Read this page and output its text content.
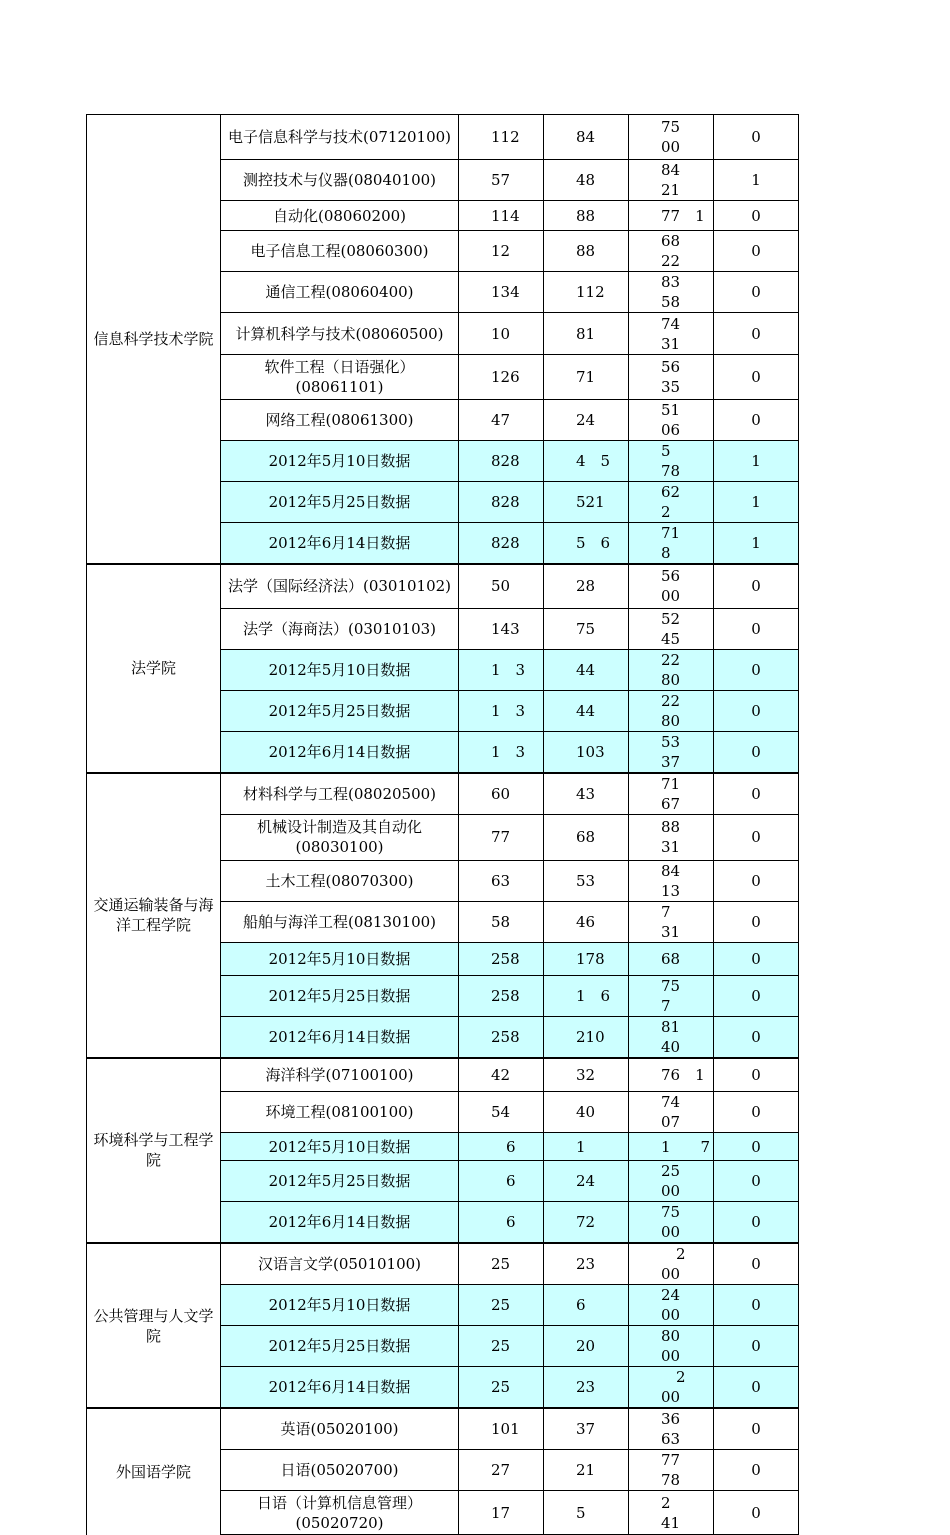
信息科学技术学院	电子信息科学与技术(07120100)	112	84	75　00	0
	测控技术与仪器(08040100)	57	48	84　21	1
	自动化(08060200)	114	88	77　1	0
	电子信息工程(08060300)	12	88	68　22	0
	通信工程(08060400)	134	112	83　58	0
	计算机科学与技术(08060500)	10	81	74　31	0
	软件工程（日语强化）(08061101)	126	71	56　35	0
	网络工程(08061300)	47	24	51　06	0
	2012年5月10日数据	828	4　5	5　　78	1
	2012年5月25日数据	828	521	62　　2	1
	2012年6月14日数据	828	5　6	71　　8	1
法学院	法学（国际经济法）(03010102)	50	28	56　00	0
	法学（海商法）(03010103)	143	75	52　45	0
	2012年5月10日数据	1　3	44	22　80	0
	2012年5月25日数据	1　3	44	22　80	0
	2012年6月14日数据	1　3	103	53　37	0
交通运输装备与海洋工程学院	材料科学与工程(08020500)	60	43	71　67	0
	机械设计制造及其自动化(08030100)	77	68	88　31	0
	土木工程(08070300)	63	53	84　13	0
	船舶与海洋工程(08130100)	58	46	7　　31	0
	2012年5月10日数据	258	178	68	0
	2012年5月25日数据	258	1　6	75　　7	0
	2012年6月14日数据	258	210	81　40	0
环境科学与工程学院	海洋科学(07100100)	42	32	76　1	0
	环境工程(08100100)	54	40	74　07	0
	2012年5月10日数据	　6	1	1　　7	0
	2012年5月25日数据	　6	24	25　00	0
	2012年6月14日数据	　6	72	75　00	0
公共管理与人文学院	汉语言文学(05010100)	25	23	　2　00	0
	2012年5月10日数据	25	6	24　00	0
	2012年5月25日数据	25	20	80　00	0
	2012年6月14日数据	25	23	　2　00	0
外国语学院	英语(05020100)	101	37	36　63	0
	日语(05020700)	27	21	77　78	0
	日语（计算机信息管理）(05020720)	17	5	2　　41	0
